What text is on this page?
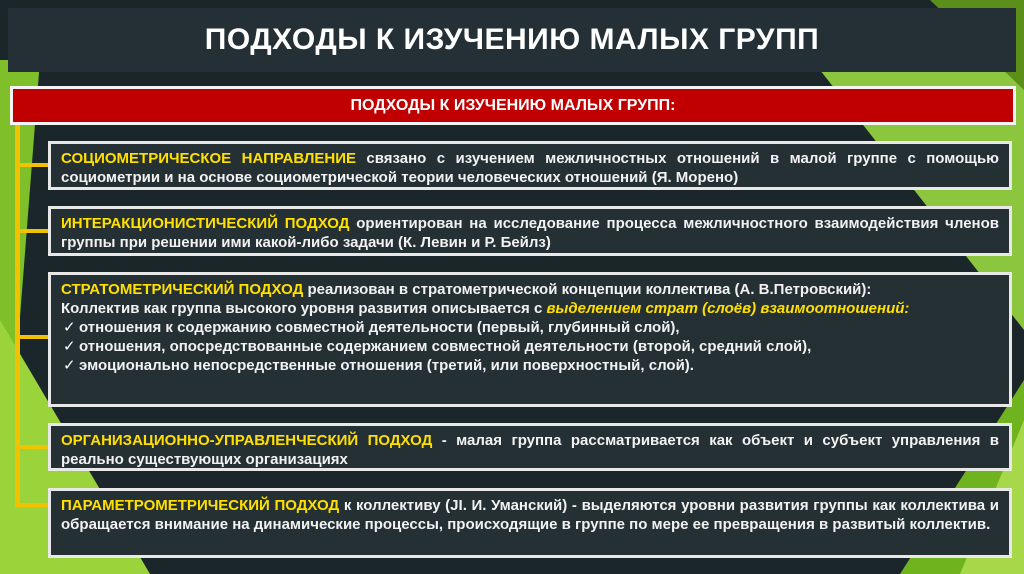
ПОДХОДЫ К ИЗУЧЕНИЮ МАЛЫХ ГРУПП
ПОДХОДЫ К ИЗУЧЕНИЮ МАЛЫХ ГРУПП:
СОЦИОМЕТРИЧЕСКОЕ НАПРАВЛЕНИЕ связано с изучением межличностных отношений в малой группе с помощью социометрии и на основе социометрической теории человеческих отношений (Я. Морено)
ИНТЕРАКЦИОНИСТИЧЕСКИЙ ПОДХОД ориентирован на исследование процесса межличностного взаимодействия членов группы при решении ими какой-либо задачи (К. Левин и Р. Бейлз)
СТРАТОМЕТРИЧЕСКИЙ ПОДХОД реализован в стратометрической концепции коллектива (А. В.Петровский):
Коллектив как группа высокого уровня развития описывается с выделением страт (слоёв) взаимоотношений:
✓ отношения к содержанию совместной деятельности (первый, глубинный слой),
✓ отношения, опосредствованные содержанием совместной деятельности (второй, средний слой),
✓ эмоционально непосредственные отношения (третий, или поверхностный, слой).
ОРГАНИЗАЦИОННО-УПРАВЛЕНЧЕСКИЙ ПОДХОД - малая группа рассматривается как объект и субъект управления в реально существующих организациях
ПАРАМЕТРОМЕТРИЧЕСКИЙ ПОДХОД к коллективу (JI. И. Уманский) - выделяются уровни развития группы как коллектива и обращается внимание на динамические процессы, происходящие в группе по мере ее превращения в развитый коллектив.
